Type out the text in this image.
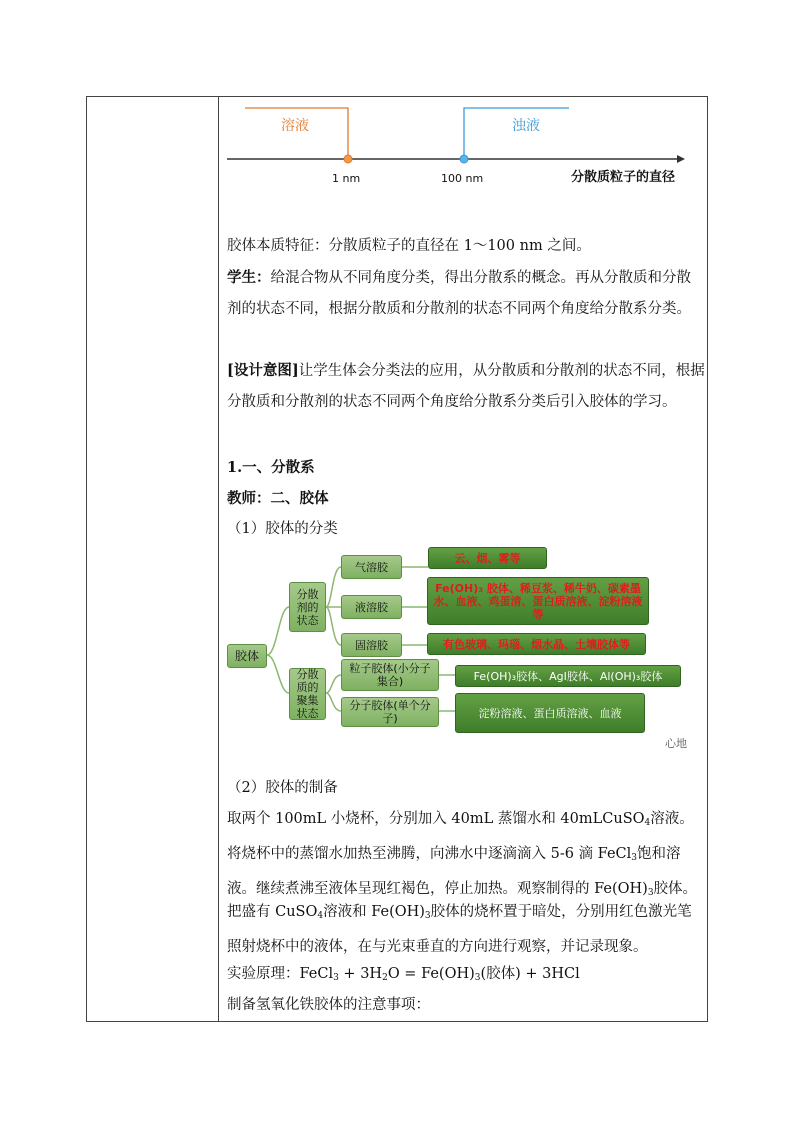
溶液	浊液
1 nm	100 nm	分散质粒子的直径
胶体本质特征：分散质粒子的直径在 1～100 nm 之间。
学生：给混合物从不同角度分类，得出分散系的概念。再从分散质和分散剂的状态不同，根据分散质和分散剂的状态不同两个角度给分散系分类。
[设计意图]让学生体会分类法的应用，从分散质和分散剂的状态不同，根据分散质和分散剂的状态不同两个角度给分散系分类后引入胶体的学习。
1.一、分散系
教师：二、胶体
（1）胶体的分类
胶体
分散剂的状态
分散质的聚集状态
气溶胶
液溶胶
固溶胶
粒子胶体(小分子集合)
分子胶体(单个分子)
云、烟、雾等
Fe(OH)₃ 胶体、稀豆浆、稀牛奶、碳素墨水、血液、鸡蛋清、蛋白质溶液、淀粉溶液等
有色玻璃、玛瑙、烟水晶、土壤胶体等
Fe(OH)₃胶体、AgI胶体、Al(OH)₃胶体
淀粉溶液、蛋白质溶液、血液
心地
（2）胶体的制备
取两个 100mL 小烧杯，分别加入 40mL 蒸馏水和 40mLCuSO$_4$溶液。将烧杯中的蒸馏水加热至沸腾，向沸水中逐滴滴入 5-6 滴 FeCl$_3$饱和溶液。继续煮沸至液体呈现红褐色，停止加热。观察制得的 $Fe(OH)_3$胶体。
把盛有 CuSO$_4$溶液和 $Fe(OH)_3$胶体的烧杯置于暗处，分别用红色激光笔照射烧杯中的液体，在与光束垂直的方向进行观察，并记录现象。
实验原理：FeCl$_3$ + $3H_2O = Fe(OH)_3$(胶体) + 3HCl
制备氢氧化铁胶体的注意事项：
